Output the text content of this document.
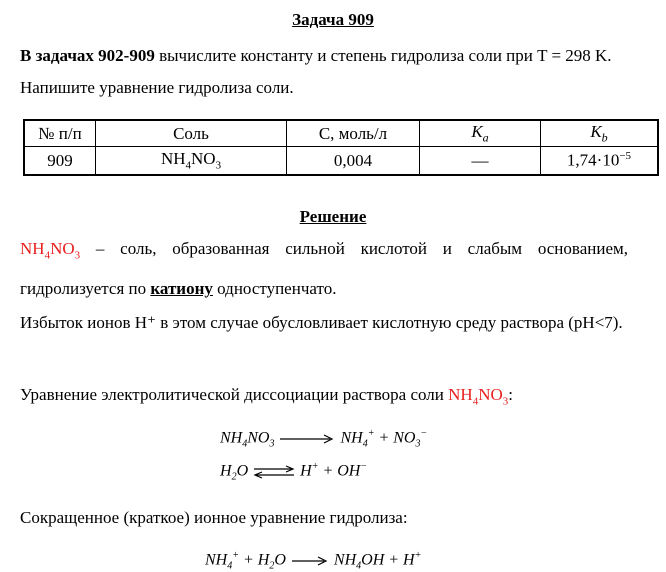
Задача 909
В задачах 902-909 вычислите константу и степень гидролиза соли при T = 298 K. Напишите уравнение гидролиза соли.
№ п/п	Соль	С, моль/л	$K_a$	$K_b$
909	$NH_4NO_3$	0,004	—	$1,74\cdot 10^{-5}$
Решение
$NH_4NO_3$ – соль, образованная сильной кислотой и слабым основанием, гидролизуется по катиону одноступенчато.
Избыток ионов H⁺ в этом случае обусловливает кислотную среду раствора (pH<7).
Уравнение электролитической диссоциации раствора соли $NH_4NO_3$:
$NH_4NO_3$	$NH_4^+ + NO_3^-$
$H_2O$ ⇌ H+ + OH−
Сокращенное (краткое) ионное уравнение гидролиза:
$NH_4^+ + H_2O$	$NH_4OH + H^+$
